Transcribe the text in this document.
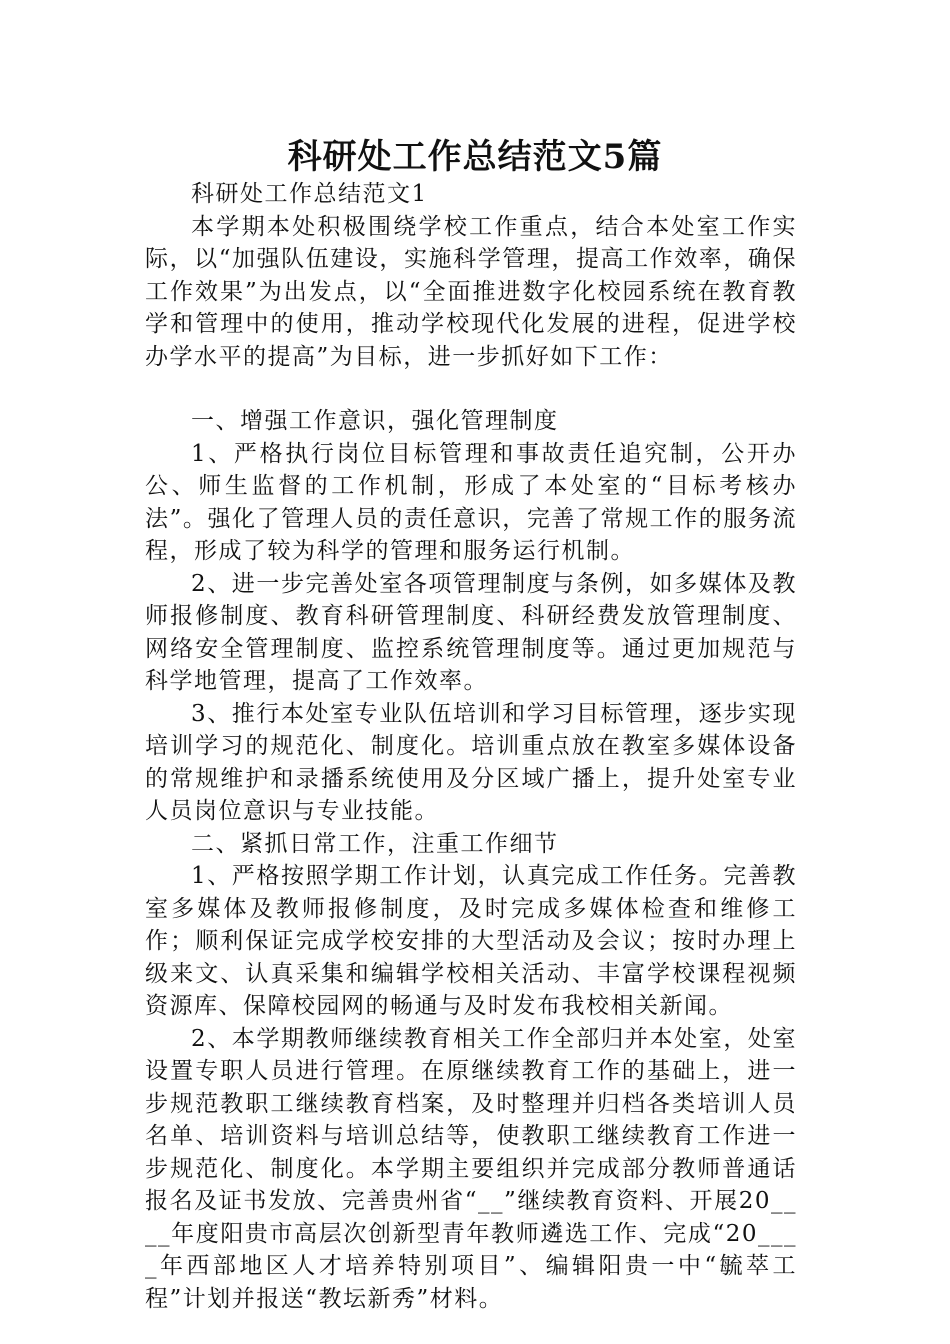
科研处工作总结范文5篇

科研处工作总结范文1

本学期本处积极围绕学校工作重点，结合本处室工作实际，以“加强队伍建设，实施科学管理，提高工作效率，确保工作效果”为出发点，以“全面推进数字化校园系统在教育教学和管理中的使用，推动学校现代化发展的进程，促进学校办学水平的提高”为目标，进一步抓好如下工作：

一、增强工作意识，强化管理制度

1、严格执行岗位目标管理和事故责任追究制，公开办公、师生监督的工作机制，形成了本处室的“目标考核办法”。强化了管理人员的责任意识，完善了常规工作的服务流程，形成了较为科学的管理和服务运行机制。

2、进一步完善处室各项管理制度与条例，如多媒体及教师报修制度、教育科研管理制度、科研经费发放管理制度、网络安全管理制度、监控系统管理制度等。通过更加规范与科学地管理，提高了工作效率。

3、推行本处室专业队伍培训和学习目标管理，逐步实现培训学习的规范化、制度化。培训重点放在教室多媒体设备的常规维护和录播系统使用及分区域广播上，提升处室专业人员岗位意识与专业技能。

二、紧抓日常工作，注重工作细节

1、严格按照学期工作计划，认真完成工作任务。完善教室多媒体及教师报修制度，及时完成多媒体检查和维修工作；顺利保证完成学校安排的大型活动及会议；按时办理上级来文、认真采集和编辑学校相关活动、丰富学校课程视频资源库、保障校园网的畅通与及时发布我校相关新闻。

2、本学期教师继续教育相关工作全部归并本处室，处室设置专职人员进行管理。在原继续教育工作的基础上，进一步规范教职工继续教育档案，及时整理并归档各类培训人员名单、培训资料与培训总结等，使教职工继续教育工作进一步规范化、制度化。本学期主要组织并完成部分教师普通话报名及证书发放、完善贵州省“__”继续教育资料、开展20____年度阳贵市高层次创新型青年教师遴选工作、完成“20____年西部地区人才培养特别项目”、编辑阳贵一中“毓萃工程”计划并报送“教坛新秀”材料。
